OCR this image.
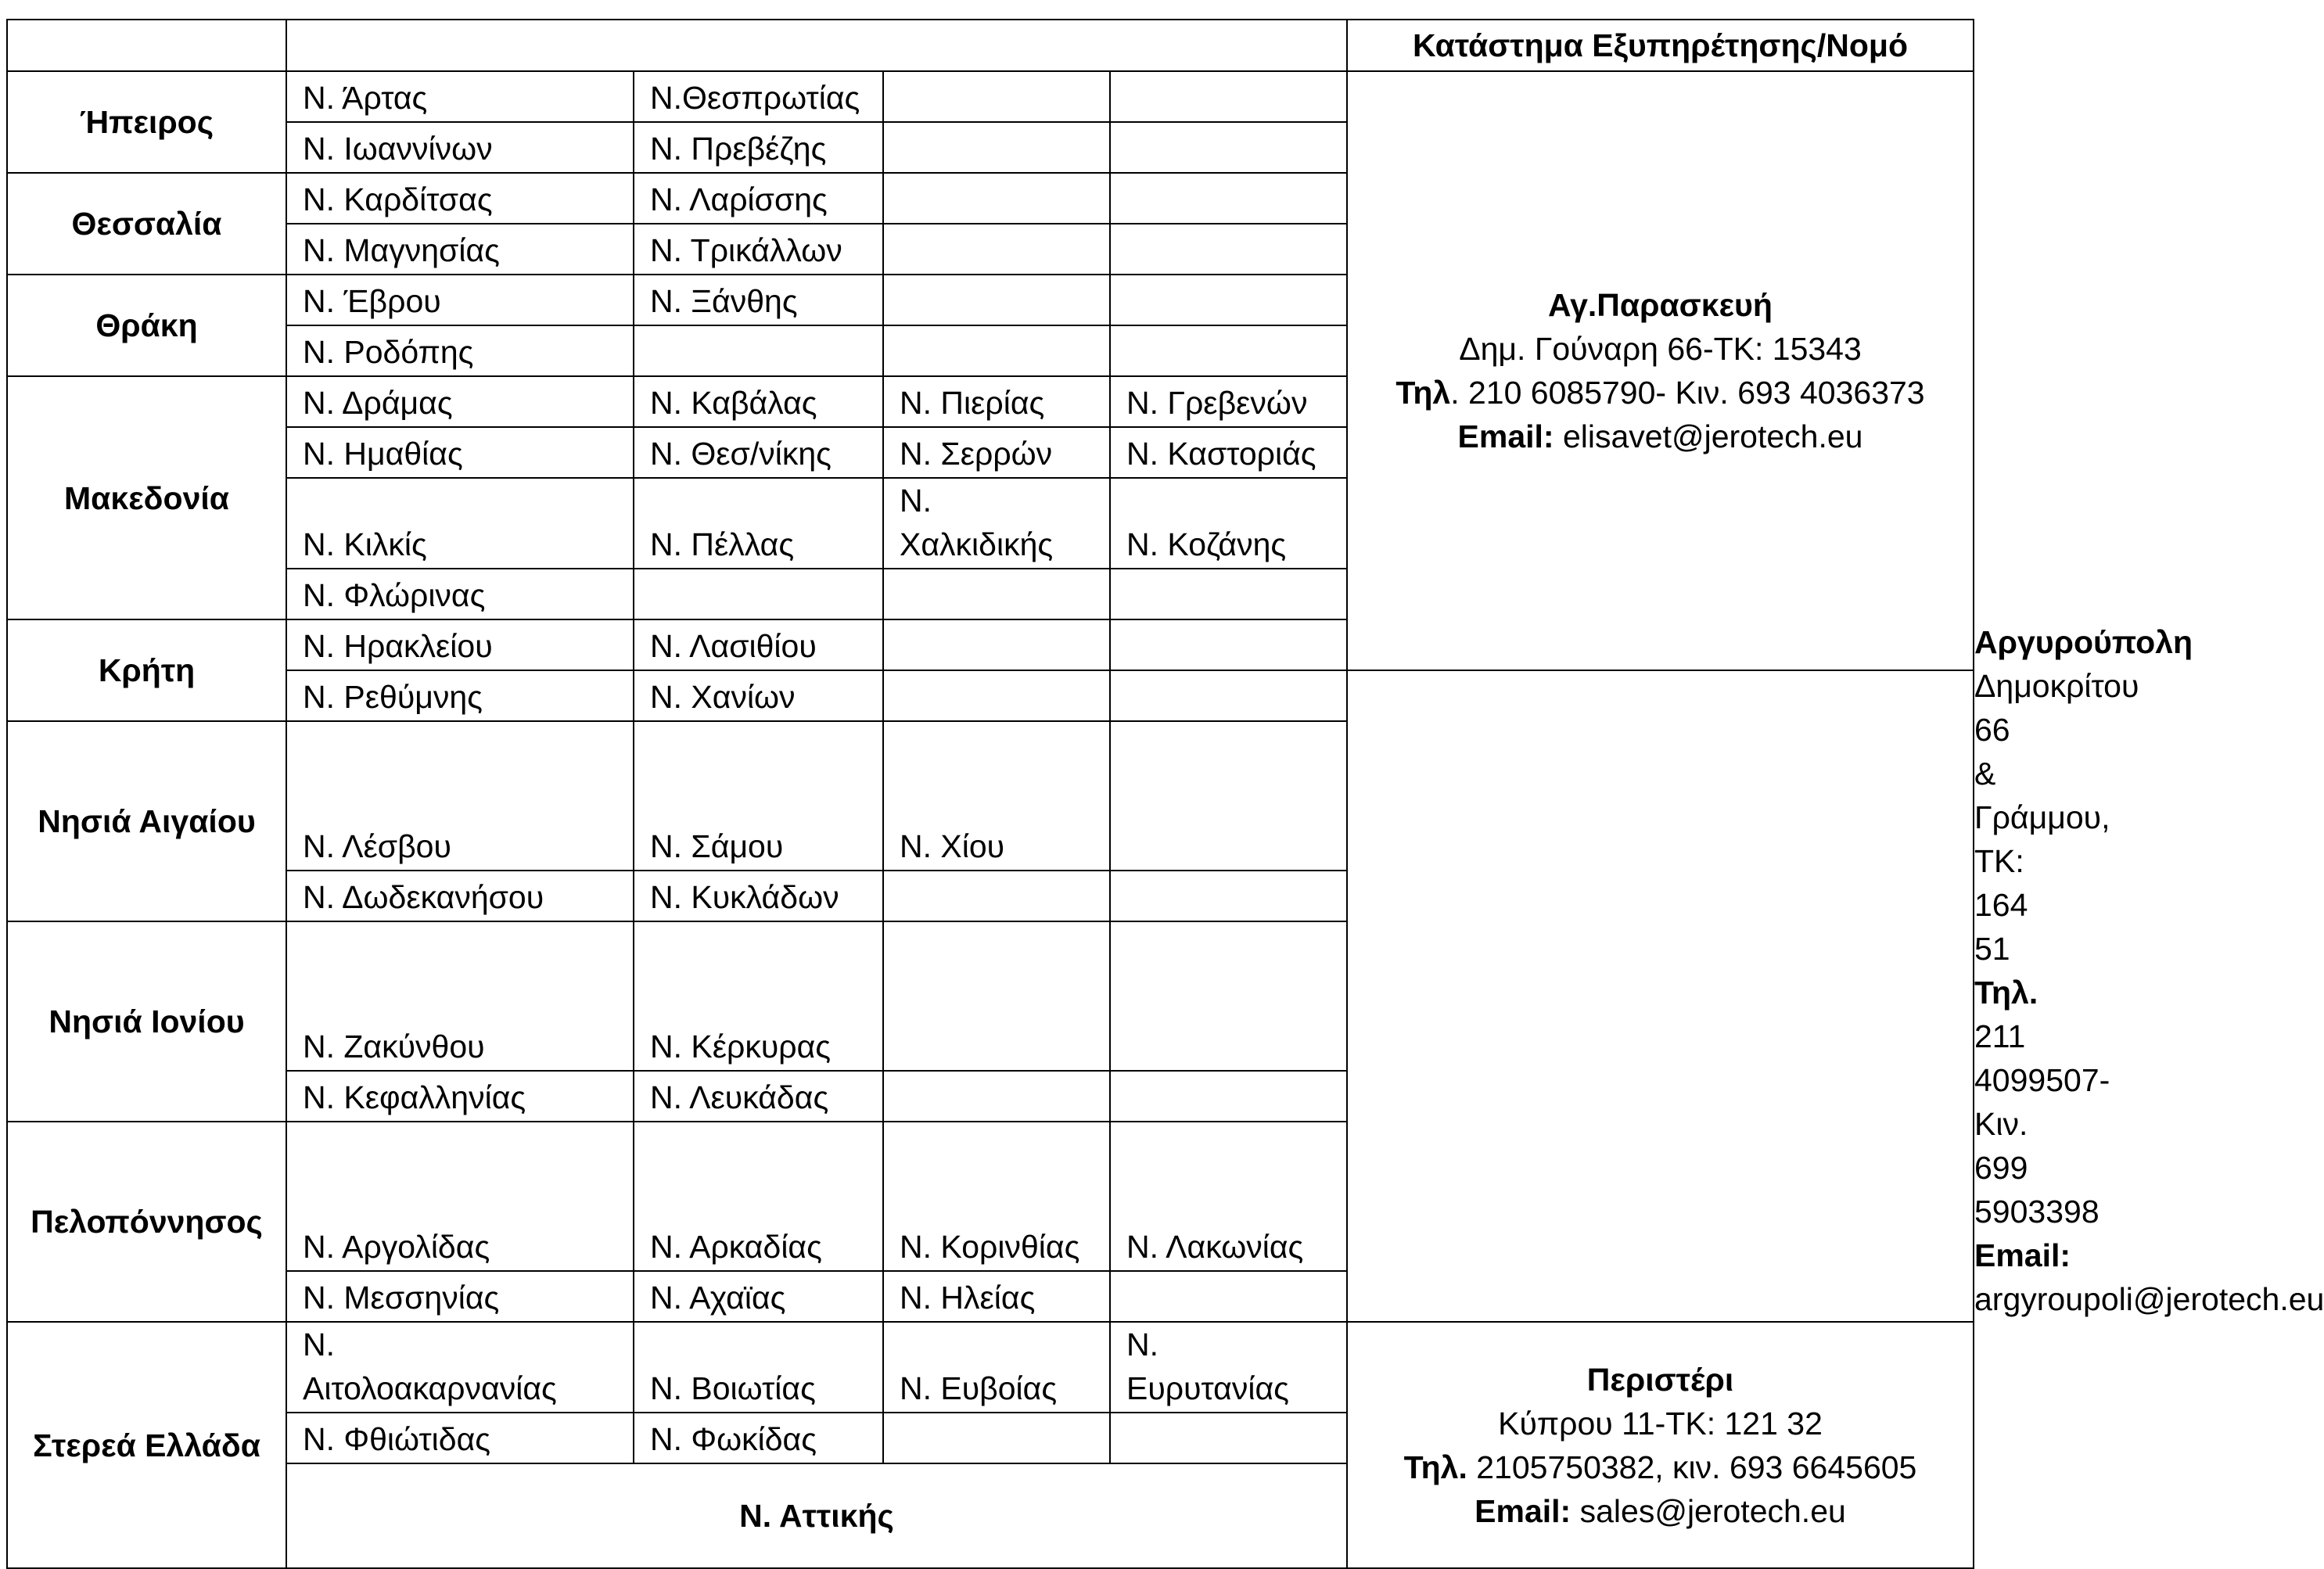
					Κατάστημα Εξυπηρέτησης/Νομό	
Ήπειρος	Ν. Άρτας	Ν.Θεσπρωτίας			Αγ.Παρασκευή
Δημ. Γούναρη 66-ΤΚ: 15343
Τηλ. 210 6085790- Κιν. 693 4036373
Email: elisavet@jerotech.eu	

	Ν. Ιωαννίνων	Ν. Πρεβέζης				
Θεσσαλία	Ν. Καρδίτσας	Ν. Λαρίσσης				
	Ν. Μαγνησίας	Ν. Τρικάλλων				
Θράκη	Ν. Έβρου	Ν. Ξάνθης				
	Ν. Ροδόπης					
Μακεδονία	Ν. Δράμας	Ν. Καβάλας	Ν. Πιερίας	Ν. Γρεβενών		
	Ν. Ημαθίας	Ν. Θεσ/νίκης	Ν. Σερρών	Ν. Καστοριάς		
	Ν. Κιλκίς	Ν. Πέλλας	Ν. Χαλκιδικής	Ν. Κοζάνης		
	Ν. Φλώρινας					
Κρήτη	Ν. Ηρακλείου	Ν. Λασιθίου				Αργυρούπολη
Δημοκρίτου 66 & Γράμμου, ΤΚ: 164 51
Τηλ. 211 4099507- Κιν. 699 5903398
Email: argyroupoli@jerotech.eu

	Ν. Ρεθύμνης	Ν. Χανίων				
Νησιά Αιγαίου	Ν. Λέσβου	Ν. Σάμου	Ν. Χίου			
	Ν. Δωδεκανήσου	Ν. Κυκλάδων				
Νησιά Ιονίου	Ν. Ζακύνθου	Ν. Κέρκυρας				
	Ν. Κεφαλληνίας	Ν. Λευκάδας				
Πελοπόννησος	Ν. Αργολίδας	Ν. Αρκαδίας	Ν. Κορινθίας	Ν. Λακωνίας		
	Ν. Μεσσηνίας	Ν. Αχαϊας	Ν. Ηλείας			
Στερεά Ελλάδα	Ν. Αιτολοακαρνανίας	Ν. Βοιωτίας	Ν. Ευβοίας	Ν. Ευρυτανίας	Περιστέρι
Κύπρου 11-ΤΚ: 121 32
Τηλ. 2105750382, κιν. 693 6645605
Email: sales@jerotech.eu	

	Ν. Φθιώτιδας	Ν. Φωκίδας				
	Ν. Αττικής					
